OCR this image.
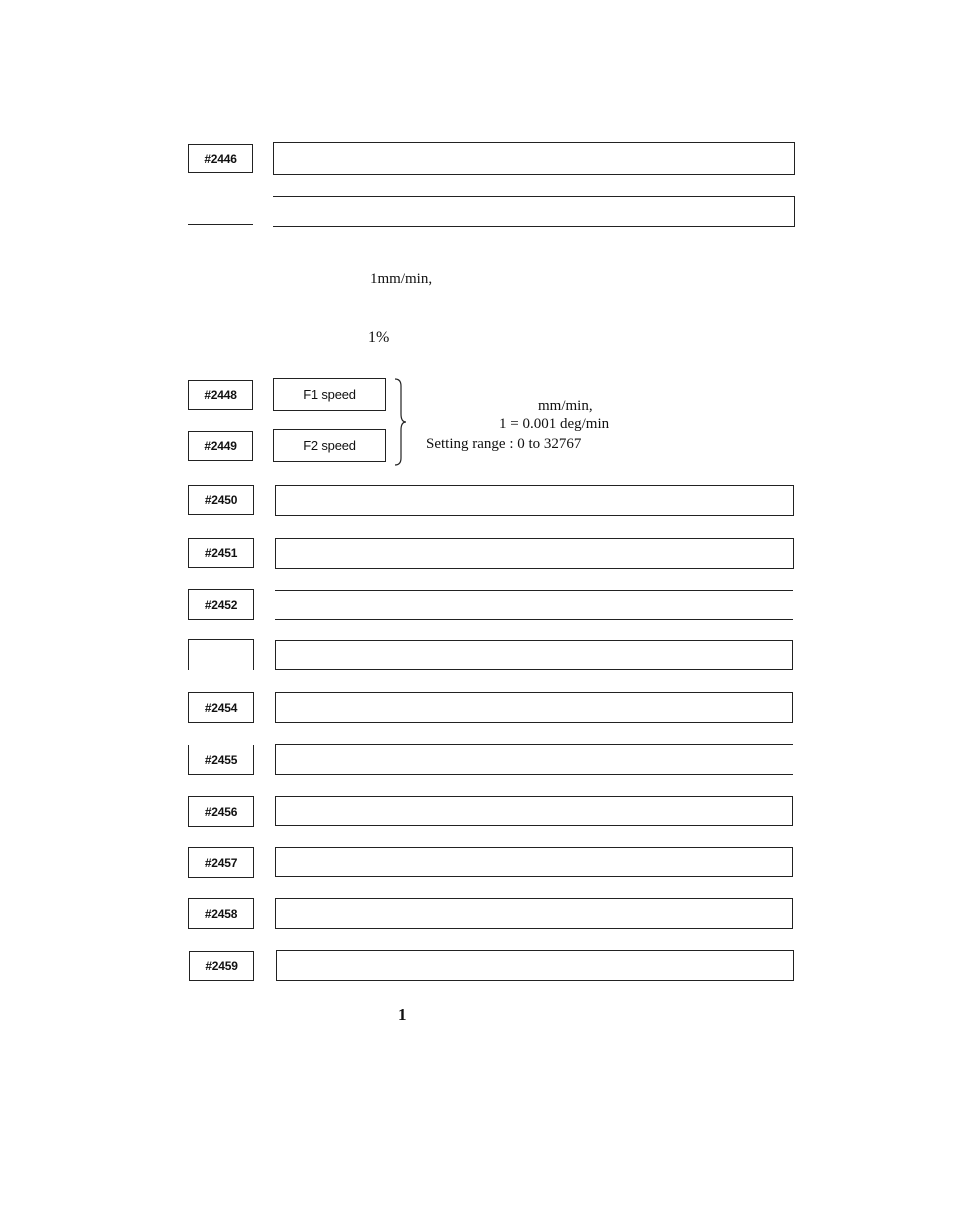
#2446
1mm/min,
1%
#2448	F1 speed
#2449	F2 speed
mm/min,
1 = 0.001 deg/min
Setting range : 0 to 32767
#2450
#2451
#2452
#2454
#2455
#2456
#2457
#2458
#2459
1
